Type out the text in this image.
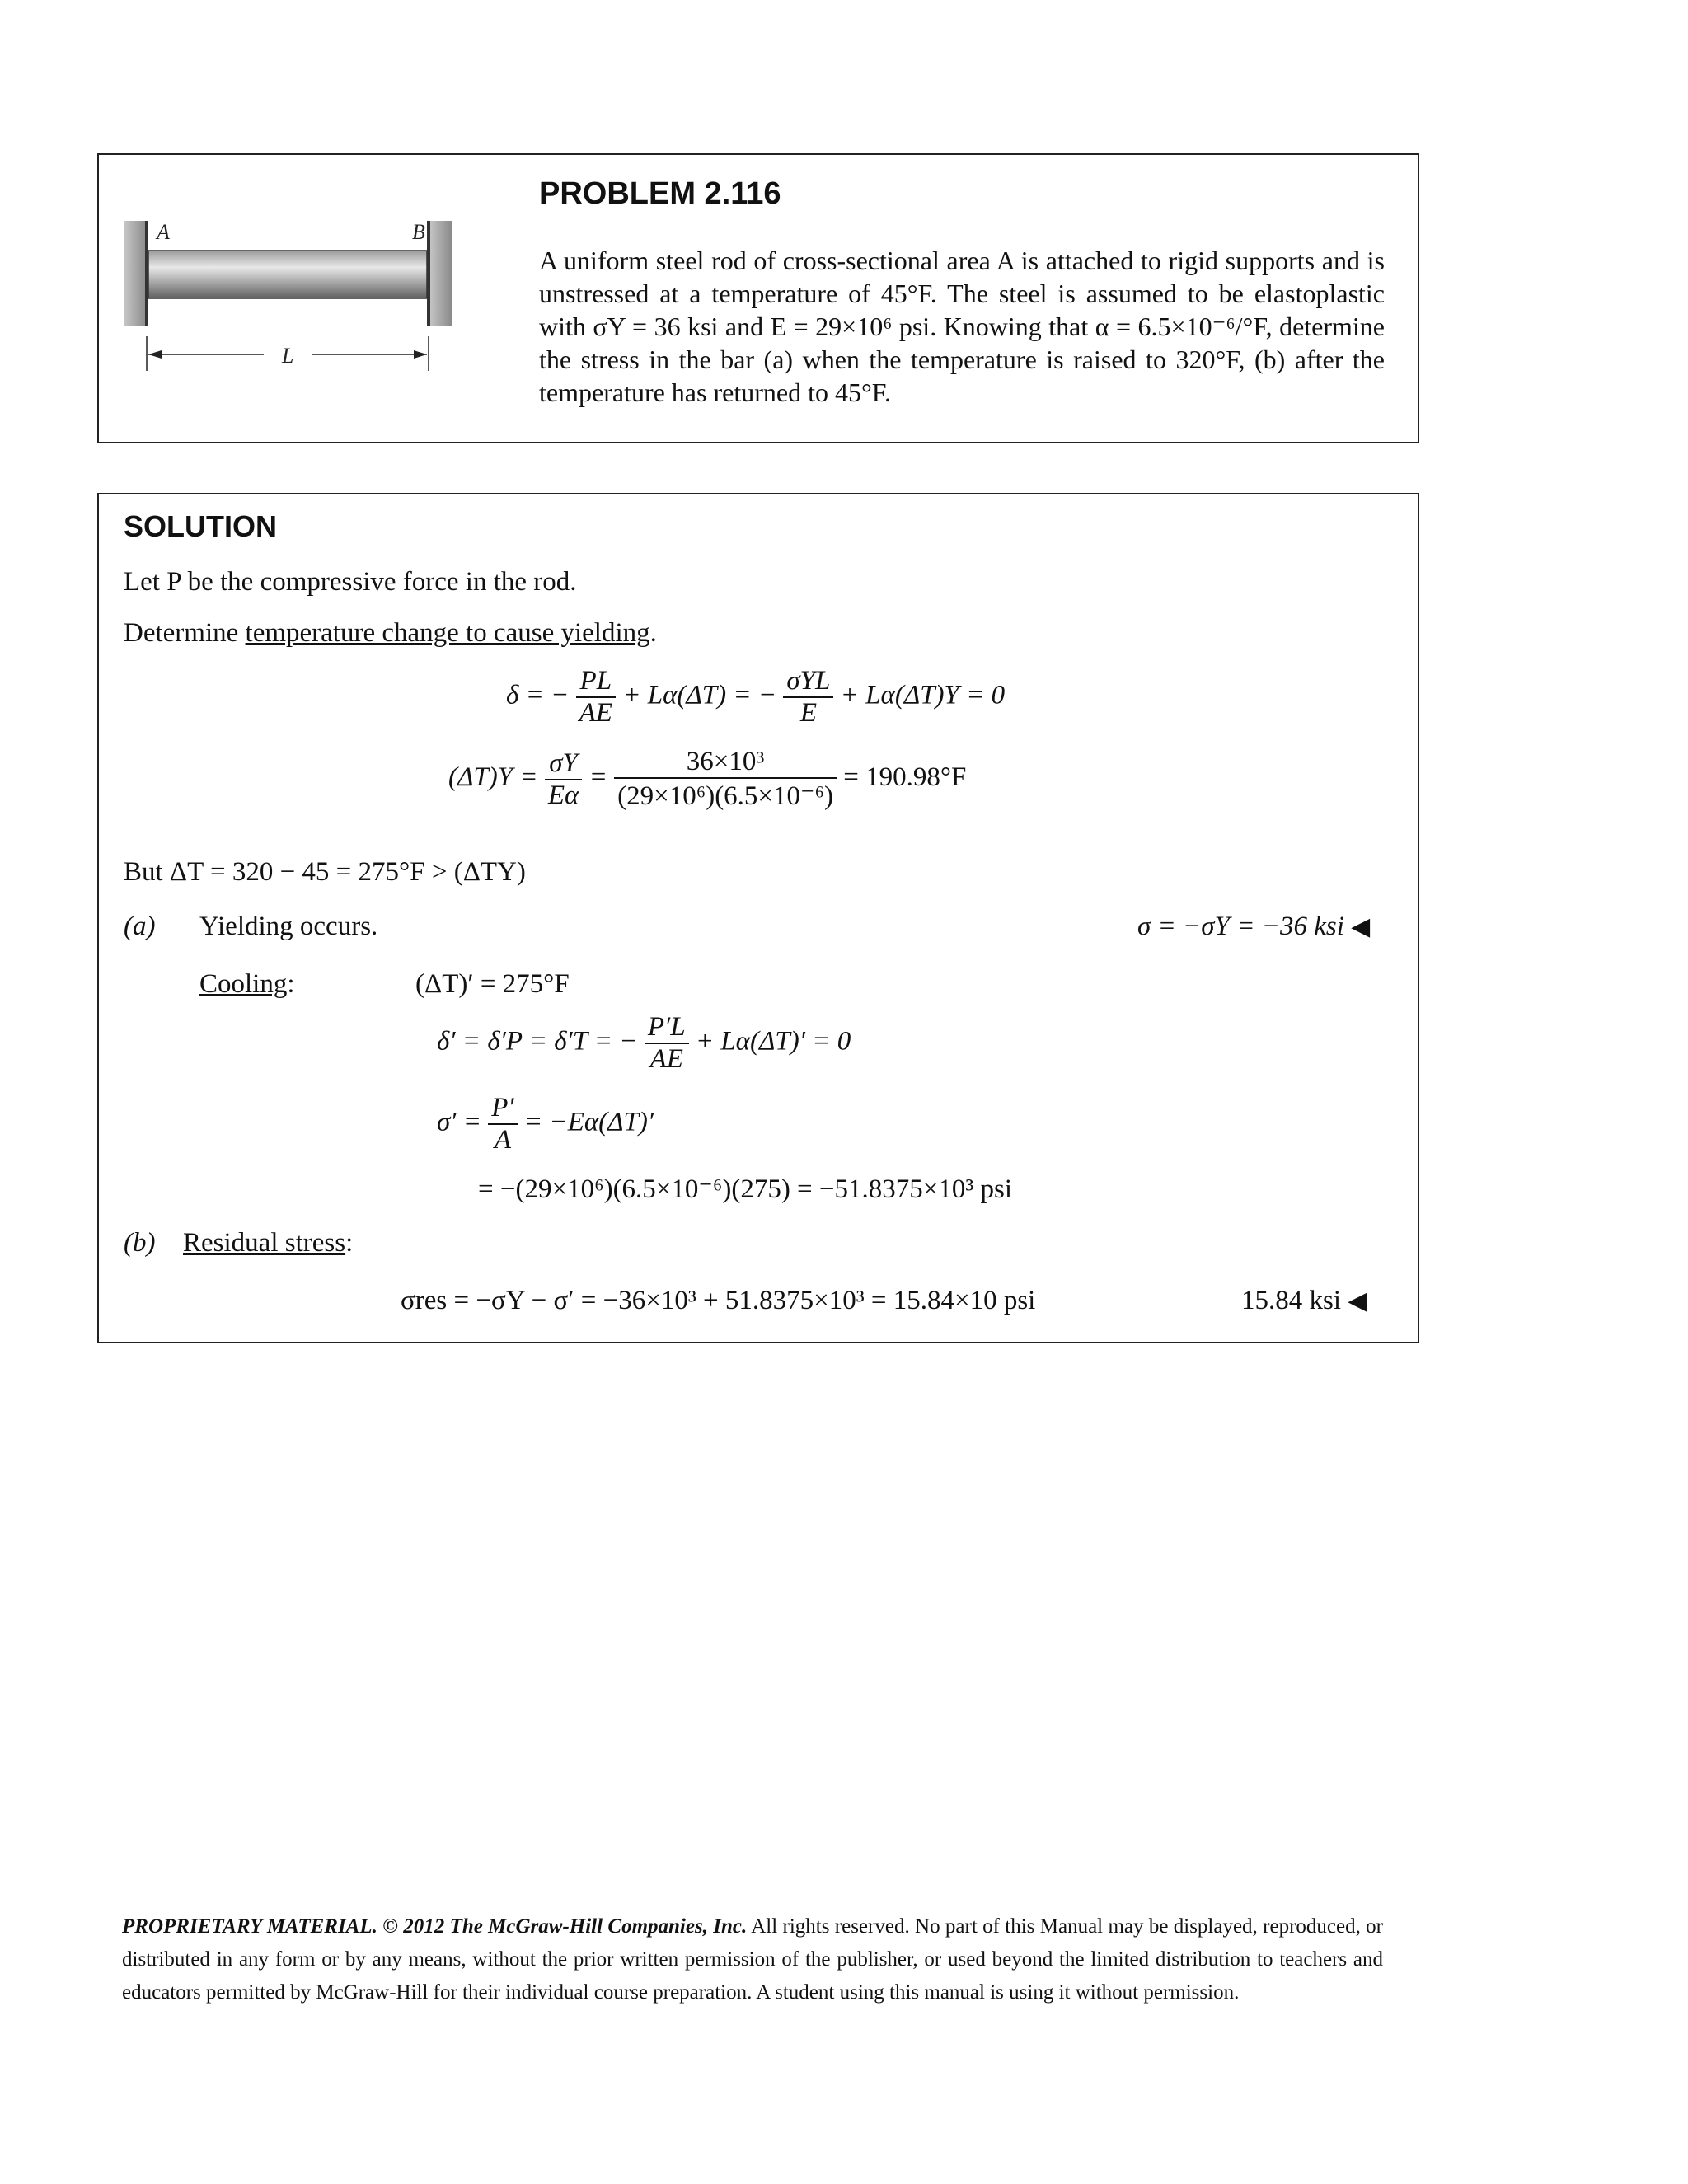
A	B
L
PROBLEM 2.116
A uniform steel rod of cross-sectional area A is attached to rigid supports and is unstressed at a temperature of 45°F. The steel is assumed to be elastoplastic with σY = 36 ksi and E = 29×10⁶ psi. Knowing that α = 6.5×10⁻⁶/°F, determine the stress in the bar (a) when the temperature is raised to 320°F, (b) after the temperature has returned to 45°F.
SOLUTION
Let P be the compressive force in the rod.
Determine temperature change to cause yielding.
δ = − $\frac{PL}{AE} + L\alpha(\Delta T)$ = − $\frac{\text{σYL}}{E} + L\alpha(\Delta T)Y = 0$
$(\Delta T)Y = \frac{\sigma Y}{E\alpha} = \frac{\text{36×10³}}{\text{(29×10⁶)(6.5×10⁻⁶)}} = 190.98^\circ F$
But ΔT = 320 − 45 = 275°F > (ΔTY)
(a) Yielding occurs.	σ = −σY = −36 ksi ◀
Cooling:	(ΔT)′ = 275°F
δ′ = δ′P = δ′T = − $\frac{P'L}{AE} + L\alpha(\Delta T)' = 0$
$\sigma' = \frac{P'}{A} = -E\alpha(\Delta T)'$
= −(29×10⁶)(6.5×10⁻⁶)(275) = −51.8375×10³ psi
(b) Residual stress:
σres = −σY − σ′ = −36×10³ + 51.8375×10³ = 15.84×10 psi	15.84 ksi ◀
PROPRIETARY MATERIAL. © 2012 The McGraw-Hill Companies, Inc. All rights reserved. No part of this Manual may be displayed, reproduced, or distributed in any form or by any means, without the prior written permission of the publisher, or used beyond the limited distribution to teachers and educators permitted by McGraw-Hill for their individual course preparation. A student using this manual is using it without permission.
